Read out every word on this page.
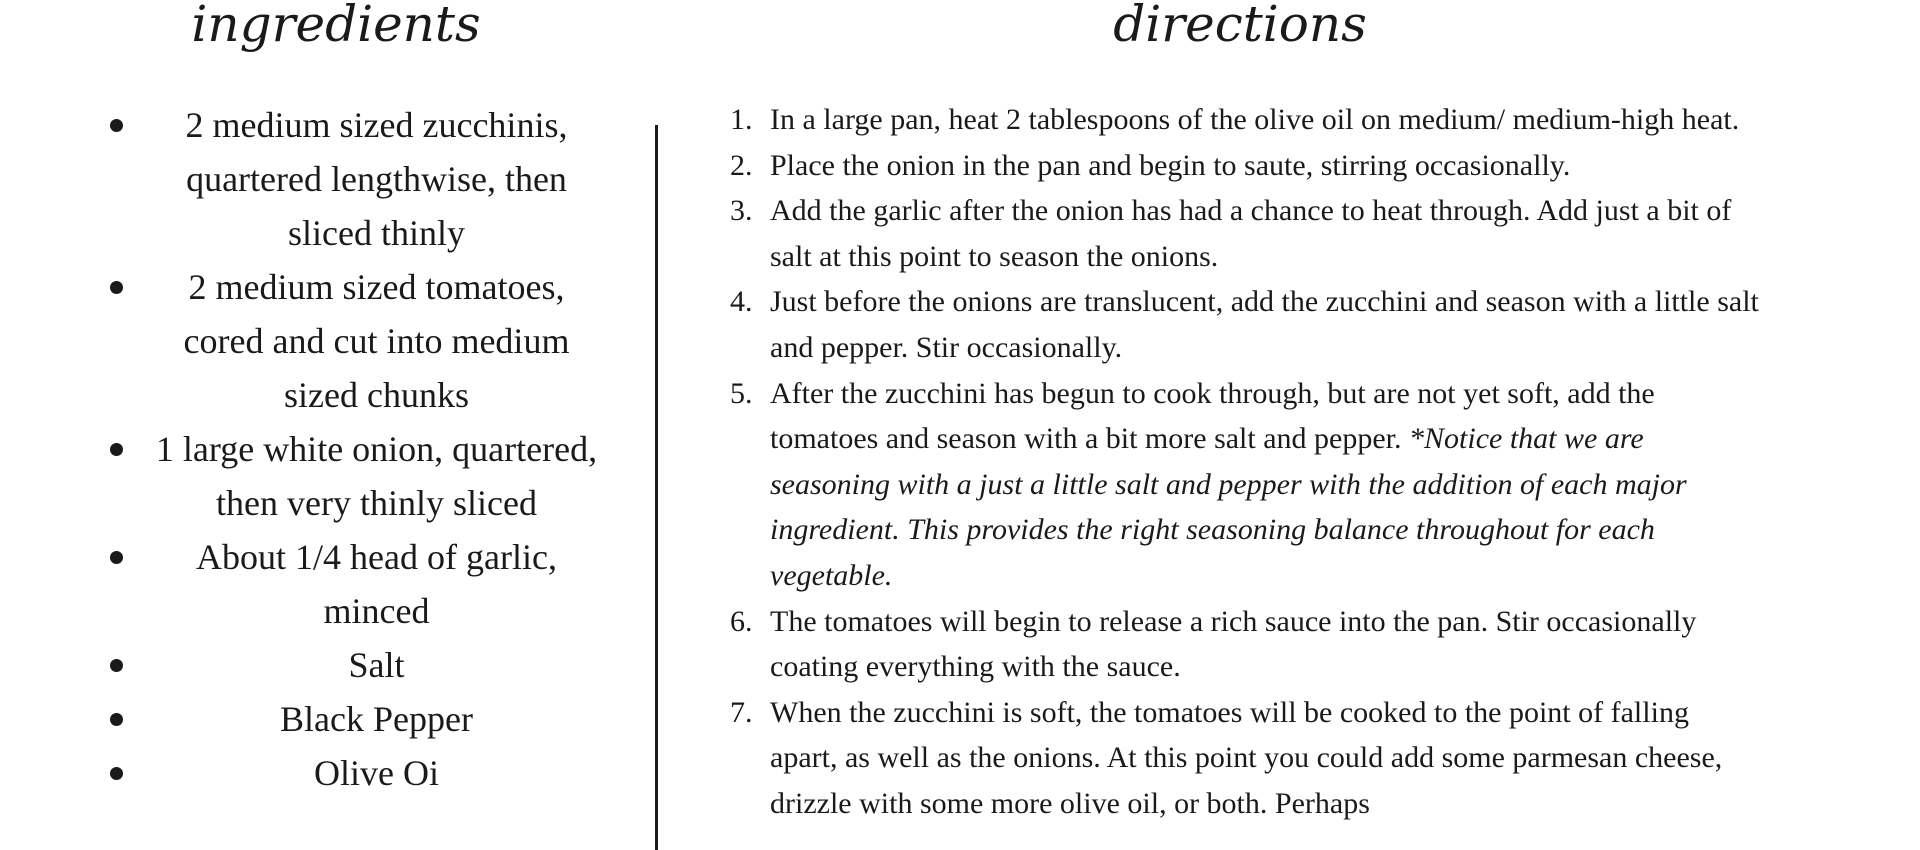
ingredients	directions
2 medium sized zucchinis, quartered lengthwise, then sliced thinly
2 medium sized tomatoes, cored and cut into medium sized chunks
1 large white onion, quartered, then very thinly sliced
About 1/4 head of garlic, minced
Salt
Black Pepper
Olive Oi
1. In a large pan, heat 2 tablespoons of the olive oil on medium/ medium-high heat.
2. Place the onion in the pan and begin to saute, stirring occasionally.
3. Add the garlic after the onion has had a chance to heat through. Add just a bit of salt at this point to season the onions.
4. Just before the onions are translucent, add the zucchini and season with a little salt and pepper. Stir occasionally.
5. After the zucchini has begun to cook through, but are not yet soft, add the tomatoes and season with a bit more salt and pepper. *Notice that we are seasoning with a just a little salt and pepper with the addition of each major ingredient. This provides the right seasoning balance throughout for each vegetable.
6. The tomatoes will begin to release a rich sauce into the pan. Stir occasionally coating everything with the sauce.
7. When the zucchini is soft, the tomatoes will be cooked to the point of falling apart, as well as the onions. At this point you could add some parmesan cheese, drizzle with some more olive oil, or both. Perhaps
